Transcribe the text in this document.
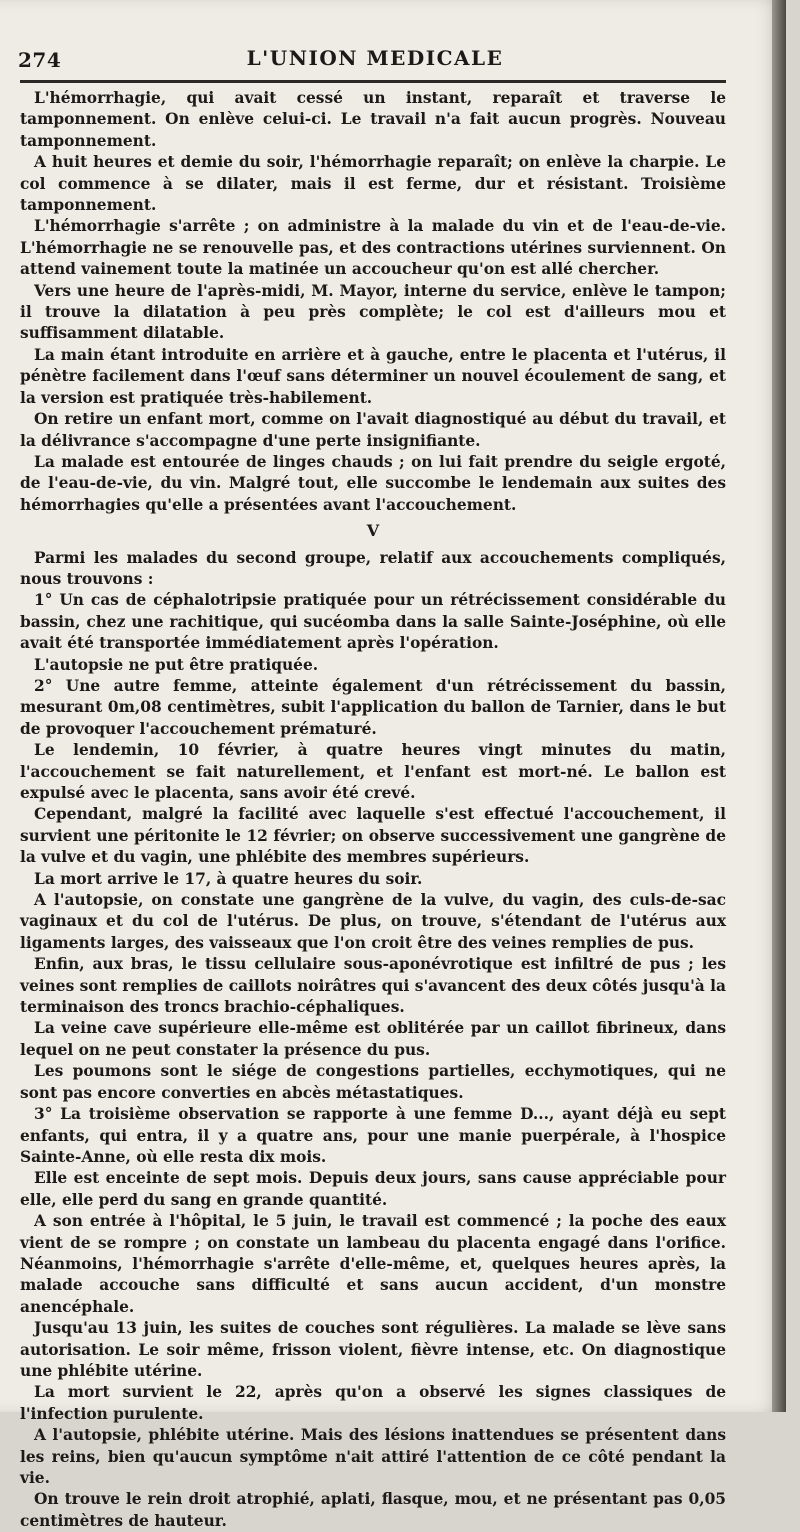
274	L'UNION MEDICALE

L'hémorrhagie, qui avait cessé un instant, reparaît et traverse le tamponnement. On enlève celui-ci. Le travail n'a fait aucun progrès. Nouveau tamponnement.

A huit heures et demie du soir, l'hémorrhagie reparaît; on enlève la charpie. Le col commence à se dilater, mais il est ferme, dur et résistant. Troisième tamponnement.

L'hémorrhagie s'arrête ; on administre à la malade du vin et de l'eau-de-vie. L'hémorrhagie ne se renouvelle pas, et des contractions utérines surviennent. On attend vainement toute la matinée un accoucheur qu'on est allé chercher.

Vers une heure de l'après-midi, M. Mayor, interne du service, enlève le tampon; il trouve la dilatation à peu près complète; le col est d'ailleurs mou et suffisamment dilatable.

La main étant introduite en arrière et à gauche, entre le placenta et l'utérus, il pénètre facilement dans l'œuf sans déterminer un nouvel écoulement de sang, et la version est pratiquée très-habilement.

On retire un enfant mort, comme on l'avait diagnostiqué au début du travail, et la délivrance s'accompagne d'une perte insignifiante.

La malade est entourée de linges chauds ; on lui fait prendre du seigle ergoté, de l'eau-de-vie, du vin. Malgré tout, elle succombe le lendemain aux suites des hémorrhagies qu'elle a présentées avant l'accouchement.

V

Parmi les malades du second groupe, relatif aux accouchements compliqués, nous trouvons :

1° Un cas de céphalotripsie pratiquée pour un rétrécissement considérable du bassin, chez une rachitique, qui sucéomba dans la salle Sainte-Joséphine, où elle avait été transportée immédiatement après l'opération.

L'autopsie ne put être pratiquée.

2° Une autre femme, atteinte également d'un rétrécissement du bassin, mesurant 0m,08 centimètres, subit l'application du ballon de Tarnier, dans le but de provoquer l'accouchement prématuré.

Le lendemin, 10 février, à quatre heures vingt minutes du matin, l'accouchement se fait naturellement, et l'enfant est mort-né. Le ballon est expulsé avec le placenta, sans avoir été crevé.

Cependant, malgré la facilité avec laquelle s'est effectué l'accouchement, il survient une péritonite le 12 février; on observe successivement une gangrène de la vulve et du vagin, une phlébite des membres supérieurs.

La mort arrive le 17, à quatre heures du soir.

A l'autopsie, on constate une gangrène de la vulve, du vagin, des culs-de-sac vaginaux et du col de l'utérus. De plus, on trouve, s'étendant de l'utérus aux ligaments larges, des vaisseaux que l'on croit être des veines remplies de pus.

Enfin, aux bras, le tissu cellulaire sous-aponévrotique est infiltré de pus ; les veines sont remplies de caillots noirâtres qui s'avancent des deux côtés jusqu'à la terminaison des troncs brachio-céphaliques.

La veine cave supérieure elle-même est oblitérée par un caillot fibrineux, dans lequel on ne peut constater la présence du pus.

Les poumons sont le siége de congestions partielles, ecchymotiques, qui ne sont pas encore converties en abcès métastatiques.

3° La troisième observation se rapporte à une femme D..., ayant déjà eu sept enfants, qui entra, il y a quatre ans, pour une manie puerpérale, à l'hospice Sainte-Anne, où elle resta dix mois.

Elle est enceinte de sept mois. Depuis deux jours, sans cause appréciable pour elle, elle perd du sang en grande quantité.

A son entrée à l'hôpital, le 5 juin, le travail est commencé ; la poche des eaux vient de se rompre ; on constate un lambeau du placenta engagé dans l'orifice. Néanmoins, l'hémorrhagie s'arrête d'elle-même, et, quelques heures après, la malade accouche sans difficulté et sans aucun accident, d'un monstre anencéphale.

Jusqu'au 13 juin, les suites de couches sont régulières. La malade se lève sans autorisation. Le soir même, frisson violent, fièvre intense, etc. On diagnostique une phlébite utérine.

La mort survient le 22, après qu'on a observé les signes classiques de l'infection purulente.

A l'autopsie, phlébite utérine. Mais des lésions inattendues se présentent dans les reins, bien qu'aucun symptôme n'ait attiré l'attention de ce côté pendant la vie.

On trouve le rein droit atrophié, aplati, flasque, mou, et ne présentant pas 0,05 centimètres de hauteur.
